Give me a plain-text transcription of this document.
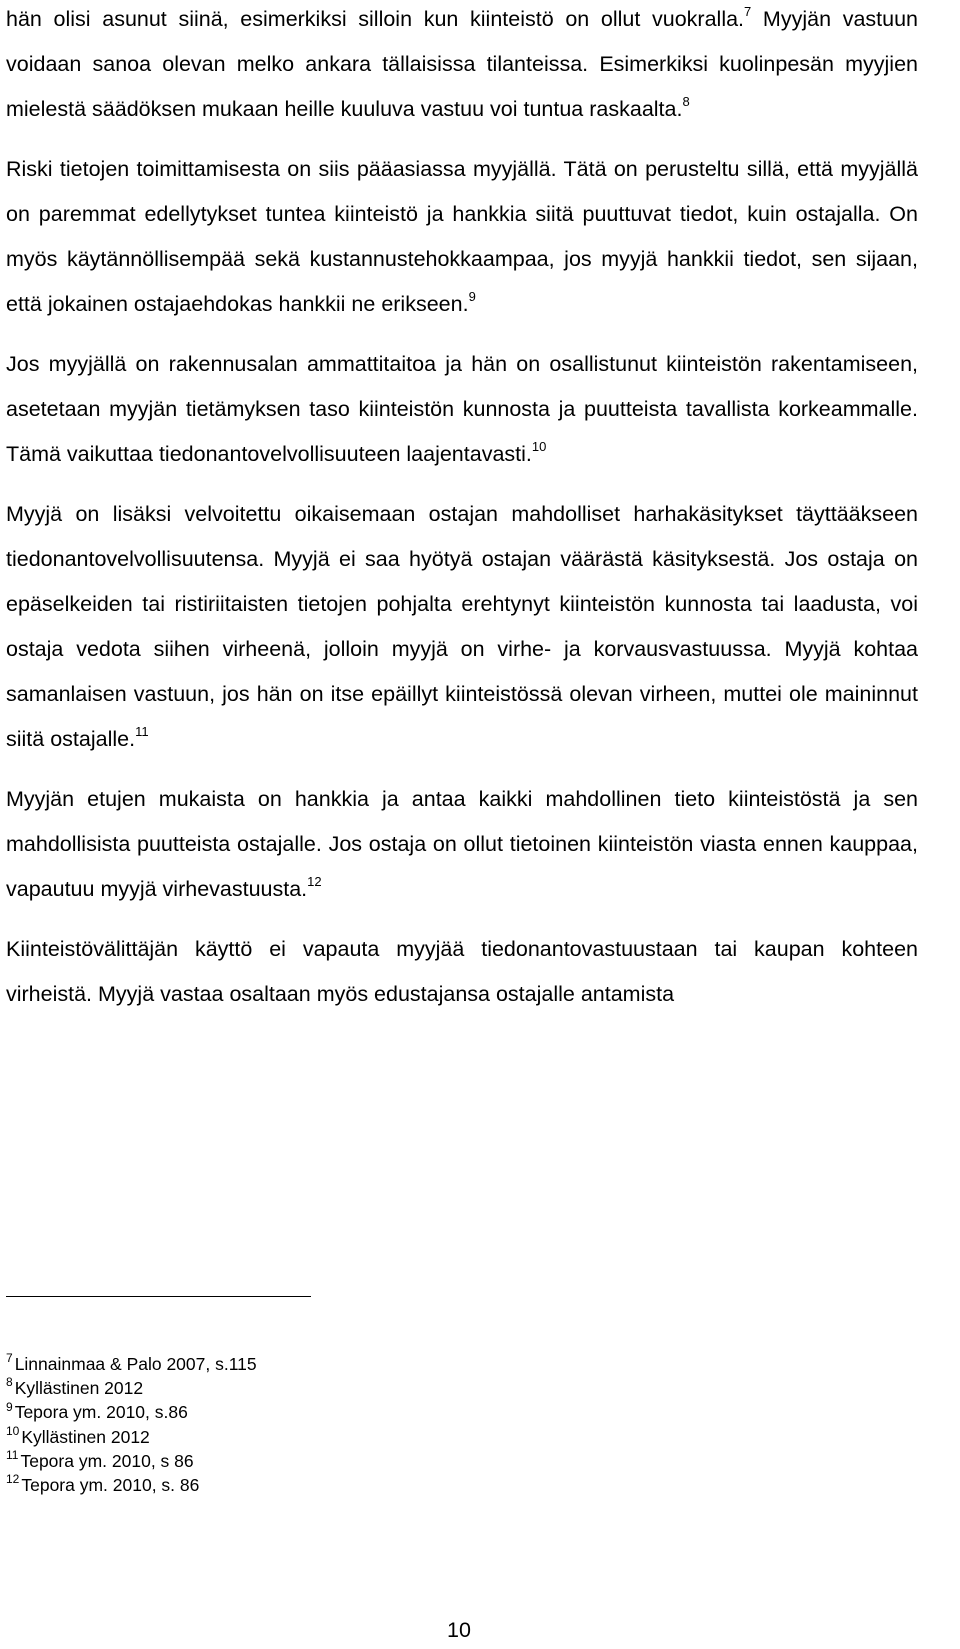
hän olisi asunut siinä, esimerkiksi silloin kun kiinteistö on ollut vuokralla.$^7$ Myyjän vastuun voidaan sanoa olevan melko ankara tällaisissa tilanteissa. Esimerkiksi kuolinpesän myyjien mielestä säädöksen mukaan heille kuuluva vastuu voi tuntua raskaalta.$^8$

Riski tietojen toimittamisesta on siis pääasiassa myyjällä. Tätä on perusteltu sillä, että myyjällä on paremmat edellytykset tuntea kiinteistö ja hankkia siitä puuttuvat tiedot, kuin ostajalla. On myös käytännöllisempää sekä kustannustehokkaampaa, jos myyjä hankkii tiedot, sen sijaan, että jokainen ostajaehdokas hankkii ne erikseen.$^9$

Jos myyjällä on rakennusalan ammattitaitoa ja hän on osallistunut kiinteistön rakentamiseen, asetetaan myyjän tietämyksen taso kiinteistön kunnosta ja puutteista tavallista korkeammalle. Tämä vaikuttaa tiedonantovelvollisuuteen laajentavasti.$^{10}$

Myyjä on lisäksi velvoitettu oikaisemaan ostajan mahdolliset harhakäsitykset täyttääkseen tiedonantovelvollisuutensa. Myyjä ei saa hyötyä ostajan väärästä käsityksestä. Jos ostaja on epäselkeiden tai ristiriitaisten tietojen pohjalta erehtynyt kiinteistön kunnosta tai laadusta, voi ostaja vedota siihen virheenä, jolloin myyjä on virhe- ja korvausvastuussa. Myyjä kohtaa samanlaisen vastuun, jos hän on itse epäillyt kiinteistössä olevan virheen, muttei ole maininnut siitä ostajalle.$^{11}$

Myyjän etujen mukaista on hankkia ja antaa kaikki mahdollinen tieto kiinteistöstä ja sen mahdollisista puutteista ostajalle. Jos ostaja on ollut tietoinen kiinteistön viasta ennen kauppaa, vapautuu myyjä virhevastuusta.$^{12}$

Kiinteistövälittäjän käyttö ei vapauta myyjää tiedonantovastuustaan tai kaupan kohteen virheistä. Myyjä vastaa osaltaan myös edustajansa ostajalle antamista

$^7$ Linnainmaa & Palo 2007, s.115
$^8$ Kyllästinen 2012
$^9$ Tepora ym. 2010, s.86
$^{10}$ Kyllästinen 2012
$^{11}$ Tepora ym. 2010, s 86
$^{12}$ Tepora ym. 2010, s. 86
10
